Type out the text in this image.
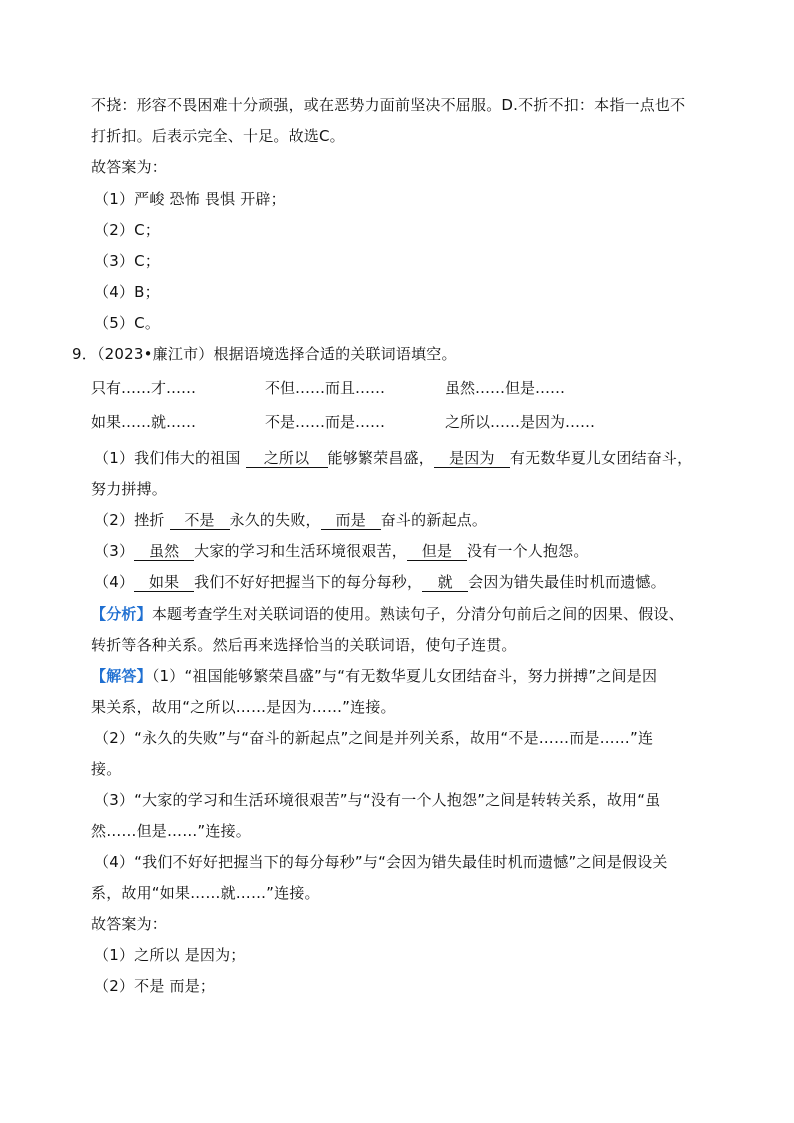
不挠：形容不畏困难十分顽强，或在恶势力面前坚决不屈服。D.不折不扣：本指一点也不
打折扣。后表示完全、十足。故选C。
故答案为：
（1）严峻 恐怖 畏惧 开辟；
（2）C；
（3）C；
（4）B；
（5）C。
9．（2023•廉江市）根据语境选择合适的关联词语填空。
只有……才……	不但……而且……	虽然……但是……
如果……就……	不是……而是……	之所以……是因为……
（1）我们伟大的祖国 之所以 能够繁荣昌盛， 是因为 有无数华夏儿女团结奋斗，
努力拼搏。
（2）挫折 不是 永久的失败， 而是 奋斗的新起点。
（3） 虽然 大家的学习和生活环境很艰苦， 但是 没有一个人抱怨。
（4） 如果 我们不好好把握当下的每分每秒， 就 会因为错失最佳时机而遗憾。
【分析】本题考查学生对关联词语的使用。熟读句子，分清分句前后之间的因果、假设、
转折等各种关系。然后再来选择恰当的关联词语，使句子连贯。
【解答】（1）“祖国能够繁荣昌盛”与“有无数华夏儿女团结奋斗，努力拼搏”之间是因
果关系，故用“之所以……是因为……”连接。
（2）“永久的失败”与“奋斗的新起点”之间是并列关系，故用“不是……而是……”连
接。
（3）“大家的学习和生活环境很艰苦”与“没有一个人抱怨”之间是转转关系，故用“虽
然……但是……”连接。
（4）“我们不好好把握当下的每分每秒”与“会因为错失最佳时机而遗憾”之间是假设关
系，故用“如果……就……”连接。
故答案为：
（1）之所以 是因为；
（2）不是 而是；
